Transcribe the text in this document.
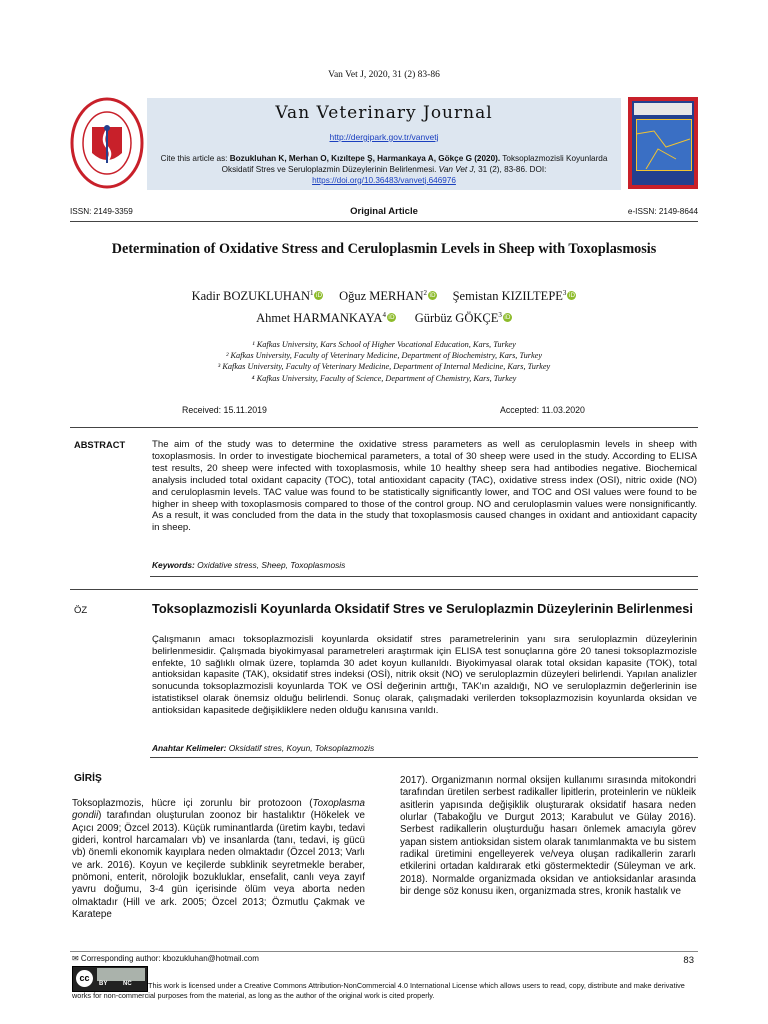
Van Vet J, 2020, 31 (2) 83-86
Van Veterinary Journal
http://dergipark.gov.tr/vanvetj
Cite this article as: Bozukluhan K, Merhan O, Kızıltepe Ş, Harmankaya A, Gökçe G (2020). Toksoplazmozisli Koyunlarda Oksidatif Stres ve Seruloplazmin Düzeylerinin Belirlenmesi. Van Vet J, 31 (2), 83-86. DOI: https://doi.org/10.36483/vanvetj.646976
ISSN: 2149-3359	Original Article	e-ISSN: 2149-8644
Determination of Oxidative Stress and Ceruloplasmin Levels in Sheep with Toxoplasmosis
Kadir BOZUKLUHAN$^1$ iD Oğuz MERHAN$^2$ iD Şemistan KIZILTEPE$^3$ iD
Ahmet HARMANKAYA$^4$ iD Gürbüz GÖKÇE$^3$ iD
¹ Kafkas University, Kars School of Higher Vocational Education, Kars, Turkey
² Kafkas University, Faculty of Veterinary Medicine, Department of Biochemistry, Kars, Turkey
³ Kafkas University, Faculty of Veterinary Medicine, Department of Internal Medicine, Kars, Turkey
⁴ Kafkas University, Faculty of Science, Department of Chemistry, Kars, Turkey
Received: 15.11.2019	Accepted: 11.03.2020
ABSTRACT	The aim of the study was to determine the oxidative stress parameters as well as ceruloplasmin levels in sheep with toxoplasmosis. In order to investigate biochemical parameters, a total of 30 sheep were used in the study. According to ELISA test results, 20 sheep were infected with toxoplasmosis, while 10 healthy sheep sera had antibodies negative. Biochemical analysis included total oxidant capacity (TOC), total antioxidant capacity (TAC), oxidative stress index (OSI), nitric oxide (NO) and ceruloplasmin levels. TAC value was found to be statistically significantly lower, and TOC and OSI values were found to be higher in sheep with toxoplasmosis compared to those of the control group. NO and ceruloplasmin values were nonsignificantly. As a result, it was concluded from the data in the study that toxoplasmosis caused changes in oxidant and antioxidant capacity in sheep.
Keywords: Oxidative stress, Sheep, Toxoplasmosis
ÖZ	Toksoplazmozisli Koyunlarda Oksidatif Stres ve Seruloplazmin Düzeylerinin Belirlenmesi
Çalışmanın amacı toksoplazmozisli koyunlarda oksidatif stres parametrelerinin yanı sıra seruloplazmin düzeylerinin belirlenmesidir. Çalışmada biyokimyasal parametreleri araştırmak için ELISA test sonuçlarına göre 20 tanesi toksoplazmozisle enfekte, 10 sağlıklı olmak üzere, toplamda 30 adet koyun kullanıldı. Biyokimyasal olarak total oksidan kapasite (TOK), total antioksidan kapasite (TAK), oksidatif stres indeksi (OSİ), nitrik oksit (NO) ve seruloplazmin düzeyleri belirlendi. Yapılan analizler sonucunda toksoplazmozisli koyunlarda TOK ve OSİ değerinin arttığı, TAK'ın azaldığı, NO ve seruloplazmin değerlerinin ise istatistiksel olarak önemsiz olduğu belirlendi. Sonuç olarak, çalışmadaki verilerden toksoplazmozisin koyunlarda oksidan ve antioksidan kapasitede değişikliklere neden olduğu kanısına varıldı.
Anahtar Kelimeler: Oksidatif stres, Koyun, Toksoplazmozis
GİRİŞ
Toksoplazmozis, hücre içi zorunlu bir protozoon (Toxoplasma gondii) tarafından oluşturulan zoonoz bir hastalıktır (Hökelek ve Açıcı 2009; Özcel 2013). Küçük ruminantlarda (üretim kaybı, tedavi gideri, kontrol harcamaları vb) ve insanlarda (tanı, tedavi, iş gücü vb) önemli ekonomik kayıplara neden olmaktadır (Özcel 2013; Varlı ve ark. 2016). Koyun ve keçilerde subklinik seyretmekle beraber, pnömoni, enterit, nörolojik bozukluklar, ensefalit, canlı veya zayıf yavru doğumu, 3-4 gün içerisinde ölüm veya aborta neden olmaktadır (Hill ve ark. 2005; Özcel 2013; Özmutlu Çakmak ve Karatepe
2017). Organizmanın normal oksijen kullanımı sırasında mitokondri tarafından üretilen serbest radikaller lipitlerin, proteinlerin ve nükleik asitlerin yapısında değişiklik oluşturarak oksidatif hasara neden olurlar (Tabakoğlu ve Durgut 2013; Karabulut ve Gülay 2016). Serbest radikallerin oluşturduğu hasarı önlemek amacıyla görev yapan sistem antioksidan sistem olarak tanımlanmakta ve bu sistem radikal üretimini engelleyerek ve/veya oluşan radikallerin zararlı etkilerini ortadan kaldırarak etki göstermektedir (Süleyman ve ark. 2018). Normalde organizmada oksidan ve antioksidanlar arasında bir denge söz konusu iken, organizmada stres, kronik hastalık ve
✉ Corresponding author: kbozukluhan@hotmail.com	83
cc
BY	NC	This work is licensed under a Creative Commons Attribution-NonCommercial 4.0 International License which allows users to read, copy, distribute and make derivative works for non-commercial purposes from the material, as long as the author of the original work is cited properly.
